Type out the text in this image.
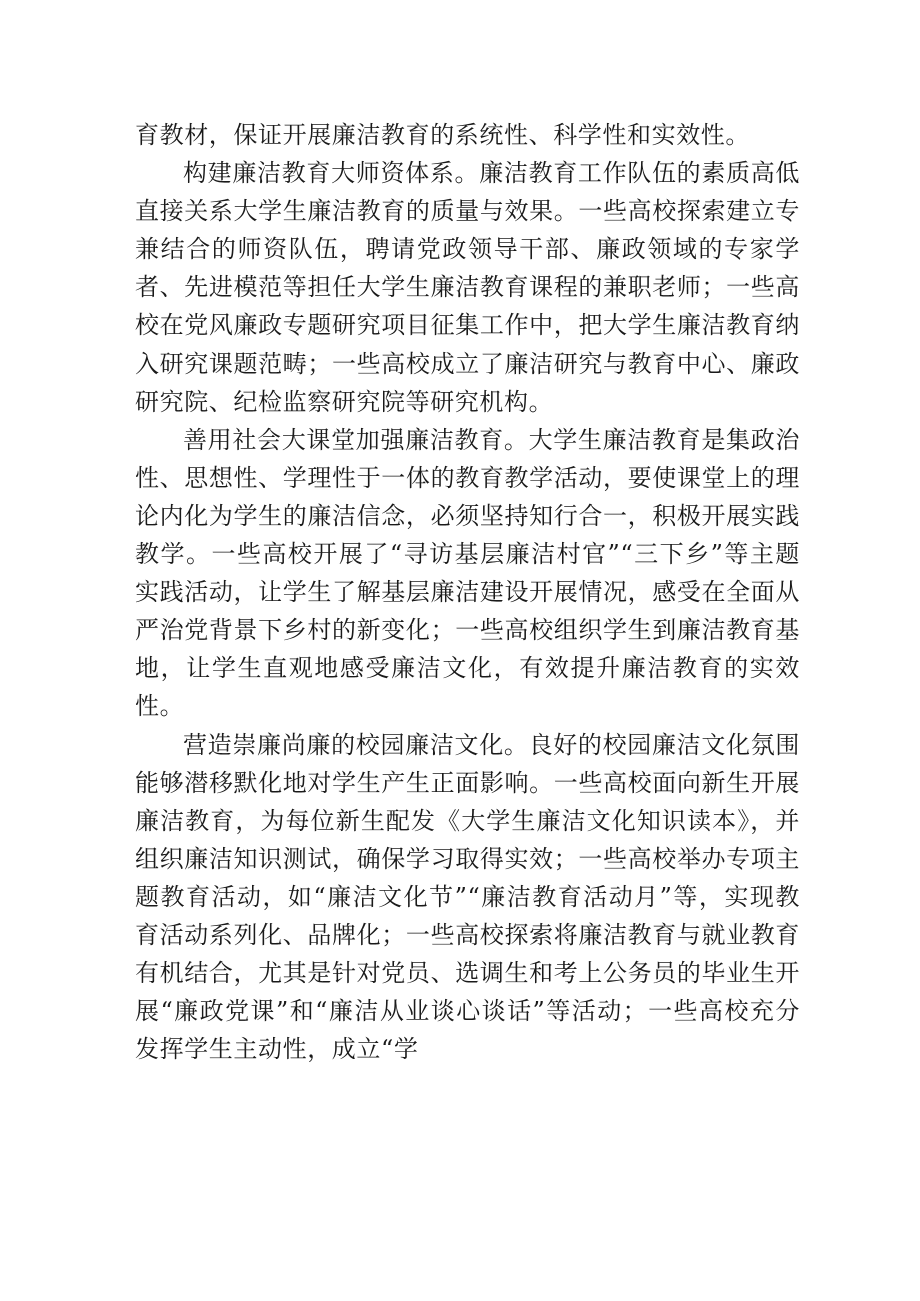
育教材，保证开展廉洁教育的系统性、科学性和实效性。

构建廉洁教育大师资体系。廉洁教育工作队伍的素质高低直接关系大学生廉洁教育的质量与效果。一些高校探索建立专兼结合的师资队伍，聘请党政领导干部、廉政领域的专家学者、先进模范等担任大学生廉洁教育课程的兼职老师；一些高校在党风廉政专题研究项目征集工作中，把大学生廉洁教育纳入研究课题范畴；一些高校成立了廉洁研究与教育中心、廉政研究院、纪检监察研究院等研究机构。

善用社会大课堂加强廉洁教育。大学生廉洁教育是集政治性、思想性、学理性于一体的教育教学活动，要使课堂上的理论内化为学生的廉洁信念，必须坚持知行合一，积极开展实践教学。一些高校开展了“寻访基层廉洁村官”“三下乡”等主题实践活动，让学生了解基层廉洁建设开展情况，感受在全面从严治党背景下乡村的新变化；一些高校组织学生到廉洁教育基地，让学生直观地感受廉洁文化，有效提升廉洁教育的实效性。

营造崇廉尚廉的校园廉洁文化。良好的校园廉洁文化氛围能够潜移默化地对学生产生正面影响。一些高校面向新生开展廉洁教育，为每位新生配发《大学生廉洁文化知识读本》，并组织廉洁知识测试，确保学习取得实效；一些高校举办专项主题教育活动，如“廉洁文化节”“廉洁教育活动月”等，实现教育活动系列化、品牌化；一些高校探索将廉洁教育与就业教育有机结合，尤其是针对党员、选调生和考上公务员的毕业生开展“廉政党课”和“廉洁从业谈心谈话”等活动；一些高校充分发挥学生主动性，成立“学
